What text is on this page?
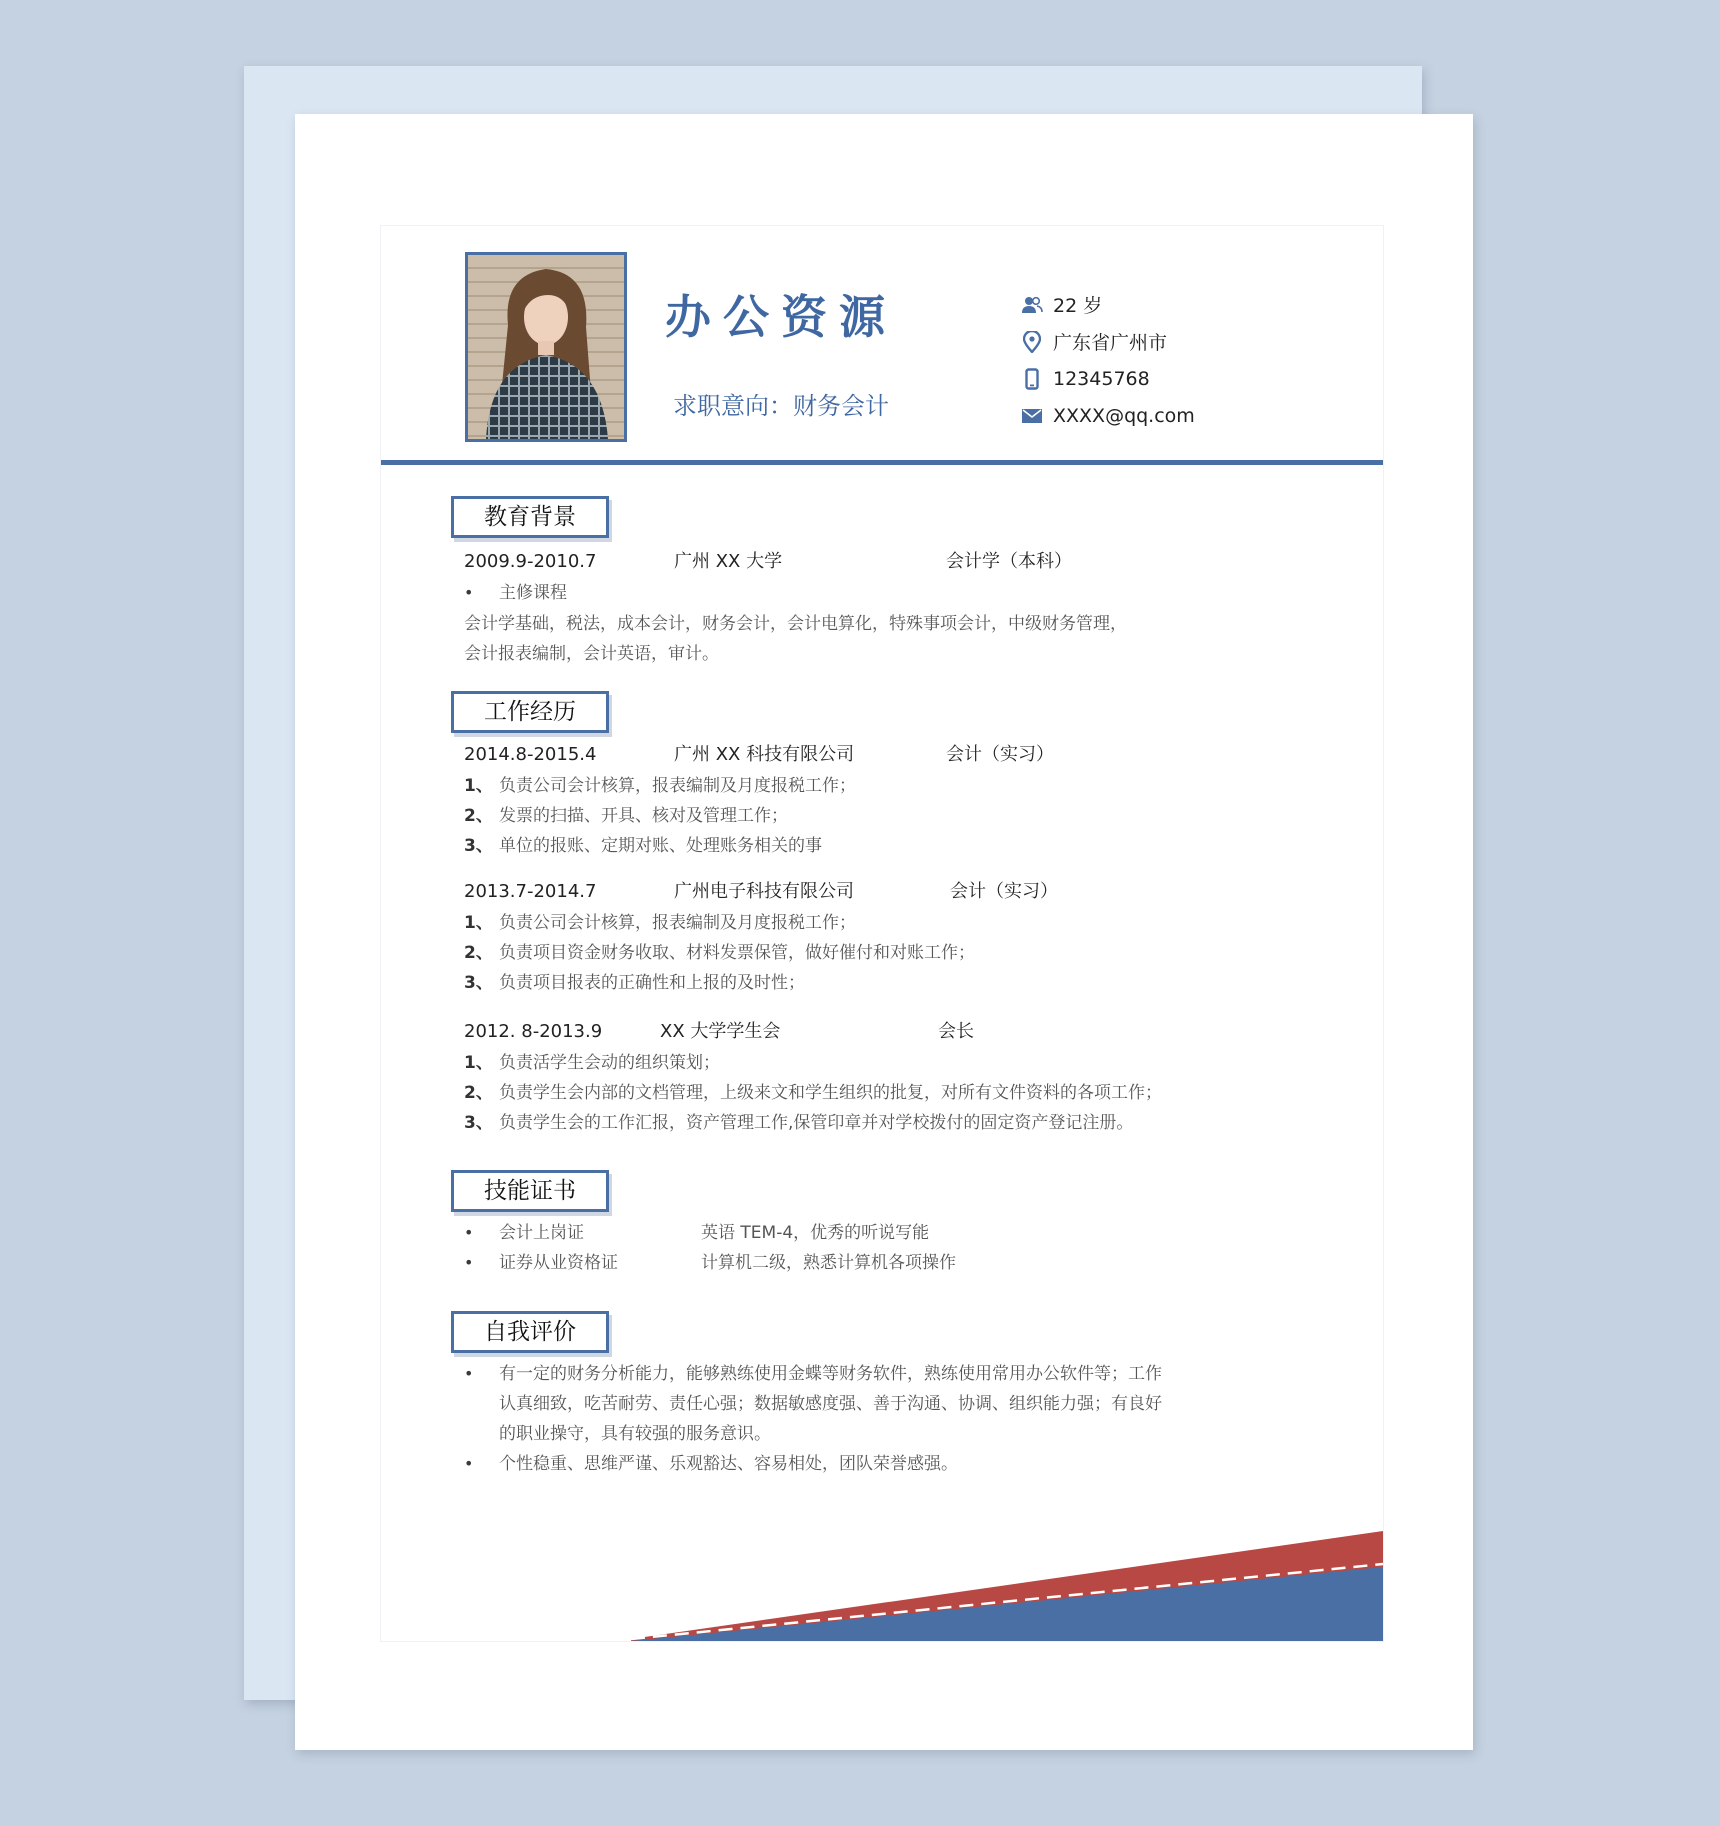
办公资源
求职意向：财务会计
22 岁
广东省广州市
12345768
XXXX@qq.com
教育背景
2009.9-2010.7	广州 XX 大学	会计学（本科）
•	主修课程
会计学基础，税法，成本会计，财务会计，会计电算化，特殊事项会计，中级财务管理，
会计报表编制，会计英语，审计。
工作经历
2014.8-2015.4	广州 XX 科技有限公司	会计（实习）
1、 负责公司会计核算，报表编制及月度报税工作；
2、 发票的扫描、开具、核对及管理工作；
3、 单位的报账、定期对账、处理账务相关的事
2013.7-2014.7	广州电子科技有限公司	会计（实习）
1、 负责公司会计核算，报表编制及月度报税工作；
2、 负责项目资金财务收取、材料发票保管，做好催付和对账工作；
3、 负责项目报表的正确性和上报的及时性；
2012. 8-2013.9	XX 大学学生会	会长
1、 负责活学生会动的组织策划；
2、 负责学生会内部的文档管理，上级来文和学生组织的批复，对所有文件资料的各项工作；
3、 负责学生会的工作汇报，资产管理工作,保管印章并对学校拨付的固定资产登记注册。
技能证书
•	会计上岗证	英语 TEM-4，优秀的听说写能
•	证券从业资格证	计算机二级，熟悉计算机各项操作
自我评价
•	有一定的财务分析能力，能够熟练使用金蝶等财务软件，熟练使用常用办公软件等；工作
认真细致，吃苦耐劳、责任心强；数据敏感度强、善于沟通、协调、组织能力强；有良好
的职业操守，具有较强的服务意识。
•	个性稳重、思维严谨、乐观豁达、容易相处，团队荣誉感强。
